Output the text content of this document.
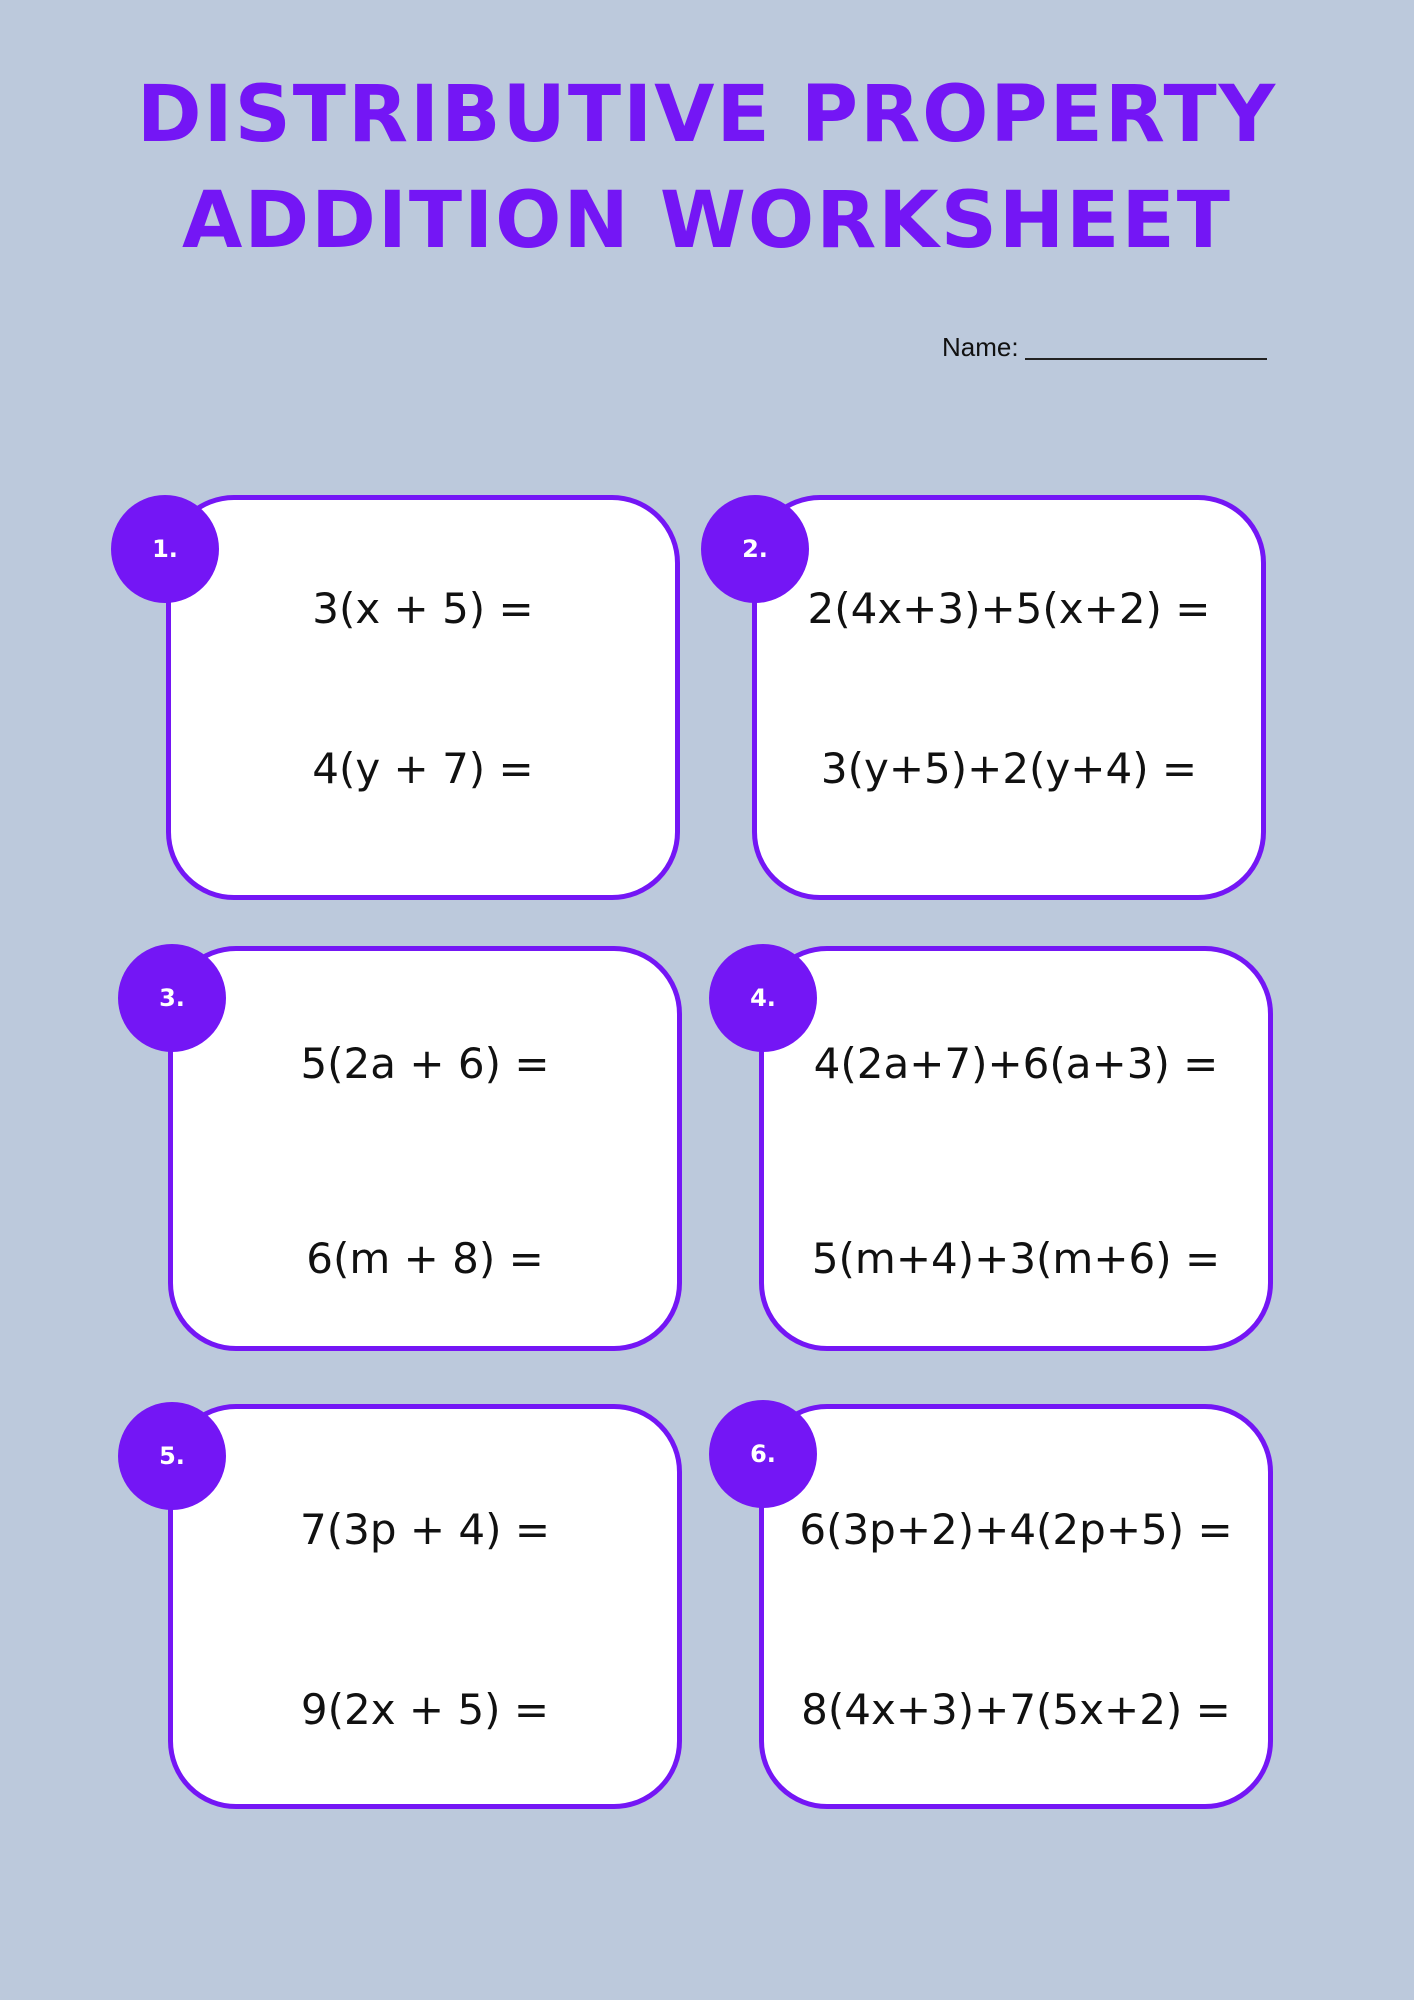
DISTRIBUTIVE PROPERTY
ADDITION WORKSHEET
Name:
3(x + 5) =
4(y + 7) =
1.
2(4x+3)+5(x+2) =
3(y+5)+2(y+4) =
2.
5(2a + 6) =
6(m + 8) =
3.
4(2a+7)+6(a+3) =
5(m+4)+3(m+6) =
4.
7(3p + 4) =
9(2x + 5) =
5.
6(3p+2)+4(2p+5) =
8(4x+3)+7(5x+2) =
6.
